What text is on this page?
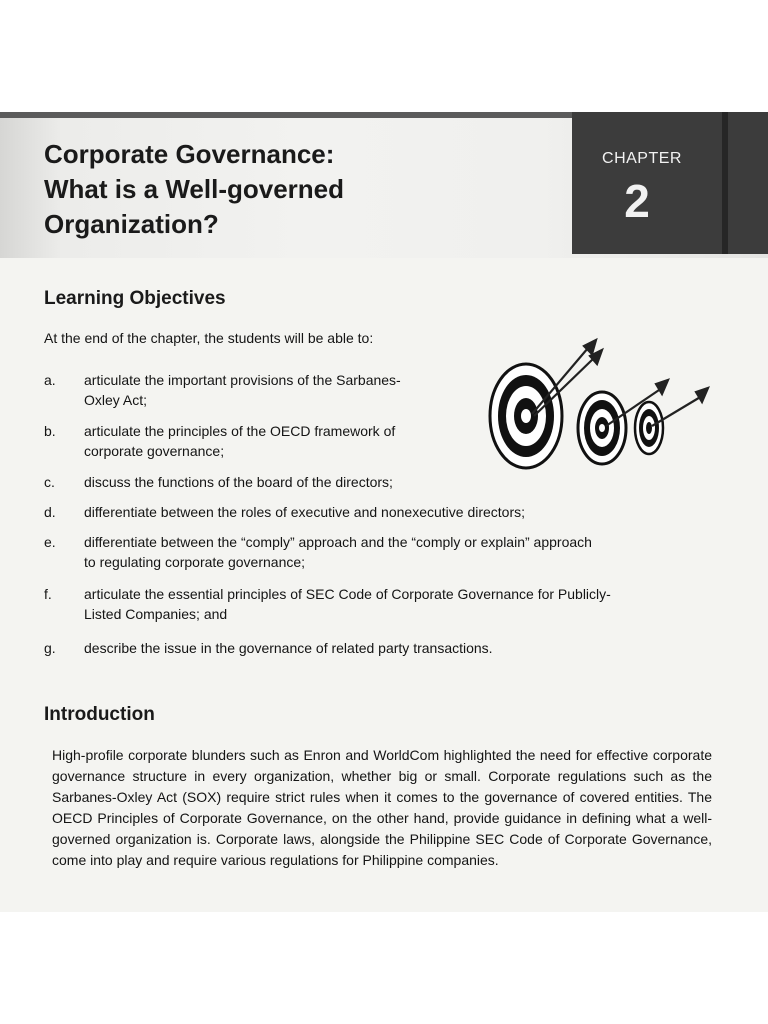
Corporate Governance:
What is a Well-governed
Organization?
CHAPTER
2
Learning Objectives
At the end of the chapter, the students will be able to:
a. articulate the important provisions of the Sarbanes-
Oxley Act;
b. articulate the principles of the OECD framework of
corporate governance;
c. discuss the functions of the board of the directors;
d. differentiate between the roles of executive and nonexecutive directors;
e. differentiate between the “comply” approach and the “comply or explain” approach
to regulating corporate governance;
f. articulate the essential principles of SEC Code of Corporate Governance for Publicly-
Listed Companies; and
g. describe the issue in the governance of related party transactions.
Introduction
High-profile corporate blunders such as Enron and WorldCom highlighted the need for effective corporate governance structure in every organization, whether big or small. Corporate regulations such as the Sarbanes-Oxley Act (SOX) require strict rules when it comes to the governance of covered entities. The OECD Principles of Corporate Governance, on the other hand, provide guidance in defining what a well-governed organization is. Corporate laws, alongside the Philippine SEC Code of Corporate Governance, come into play and require various regulations for Philippine companies.
